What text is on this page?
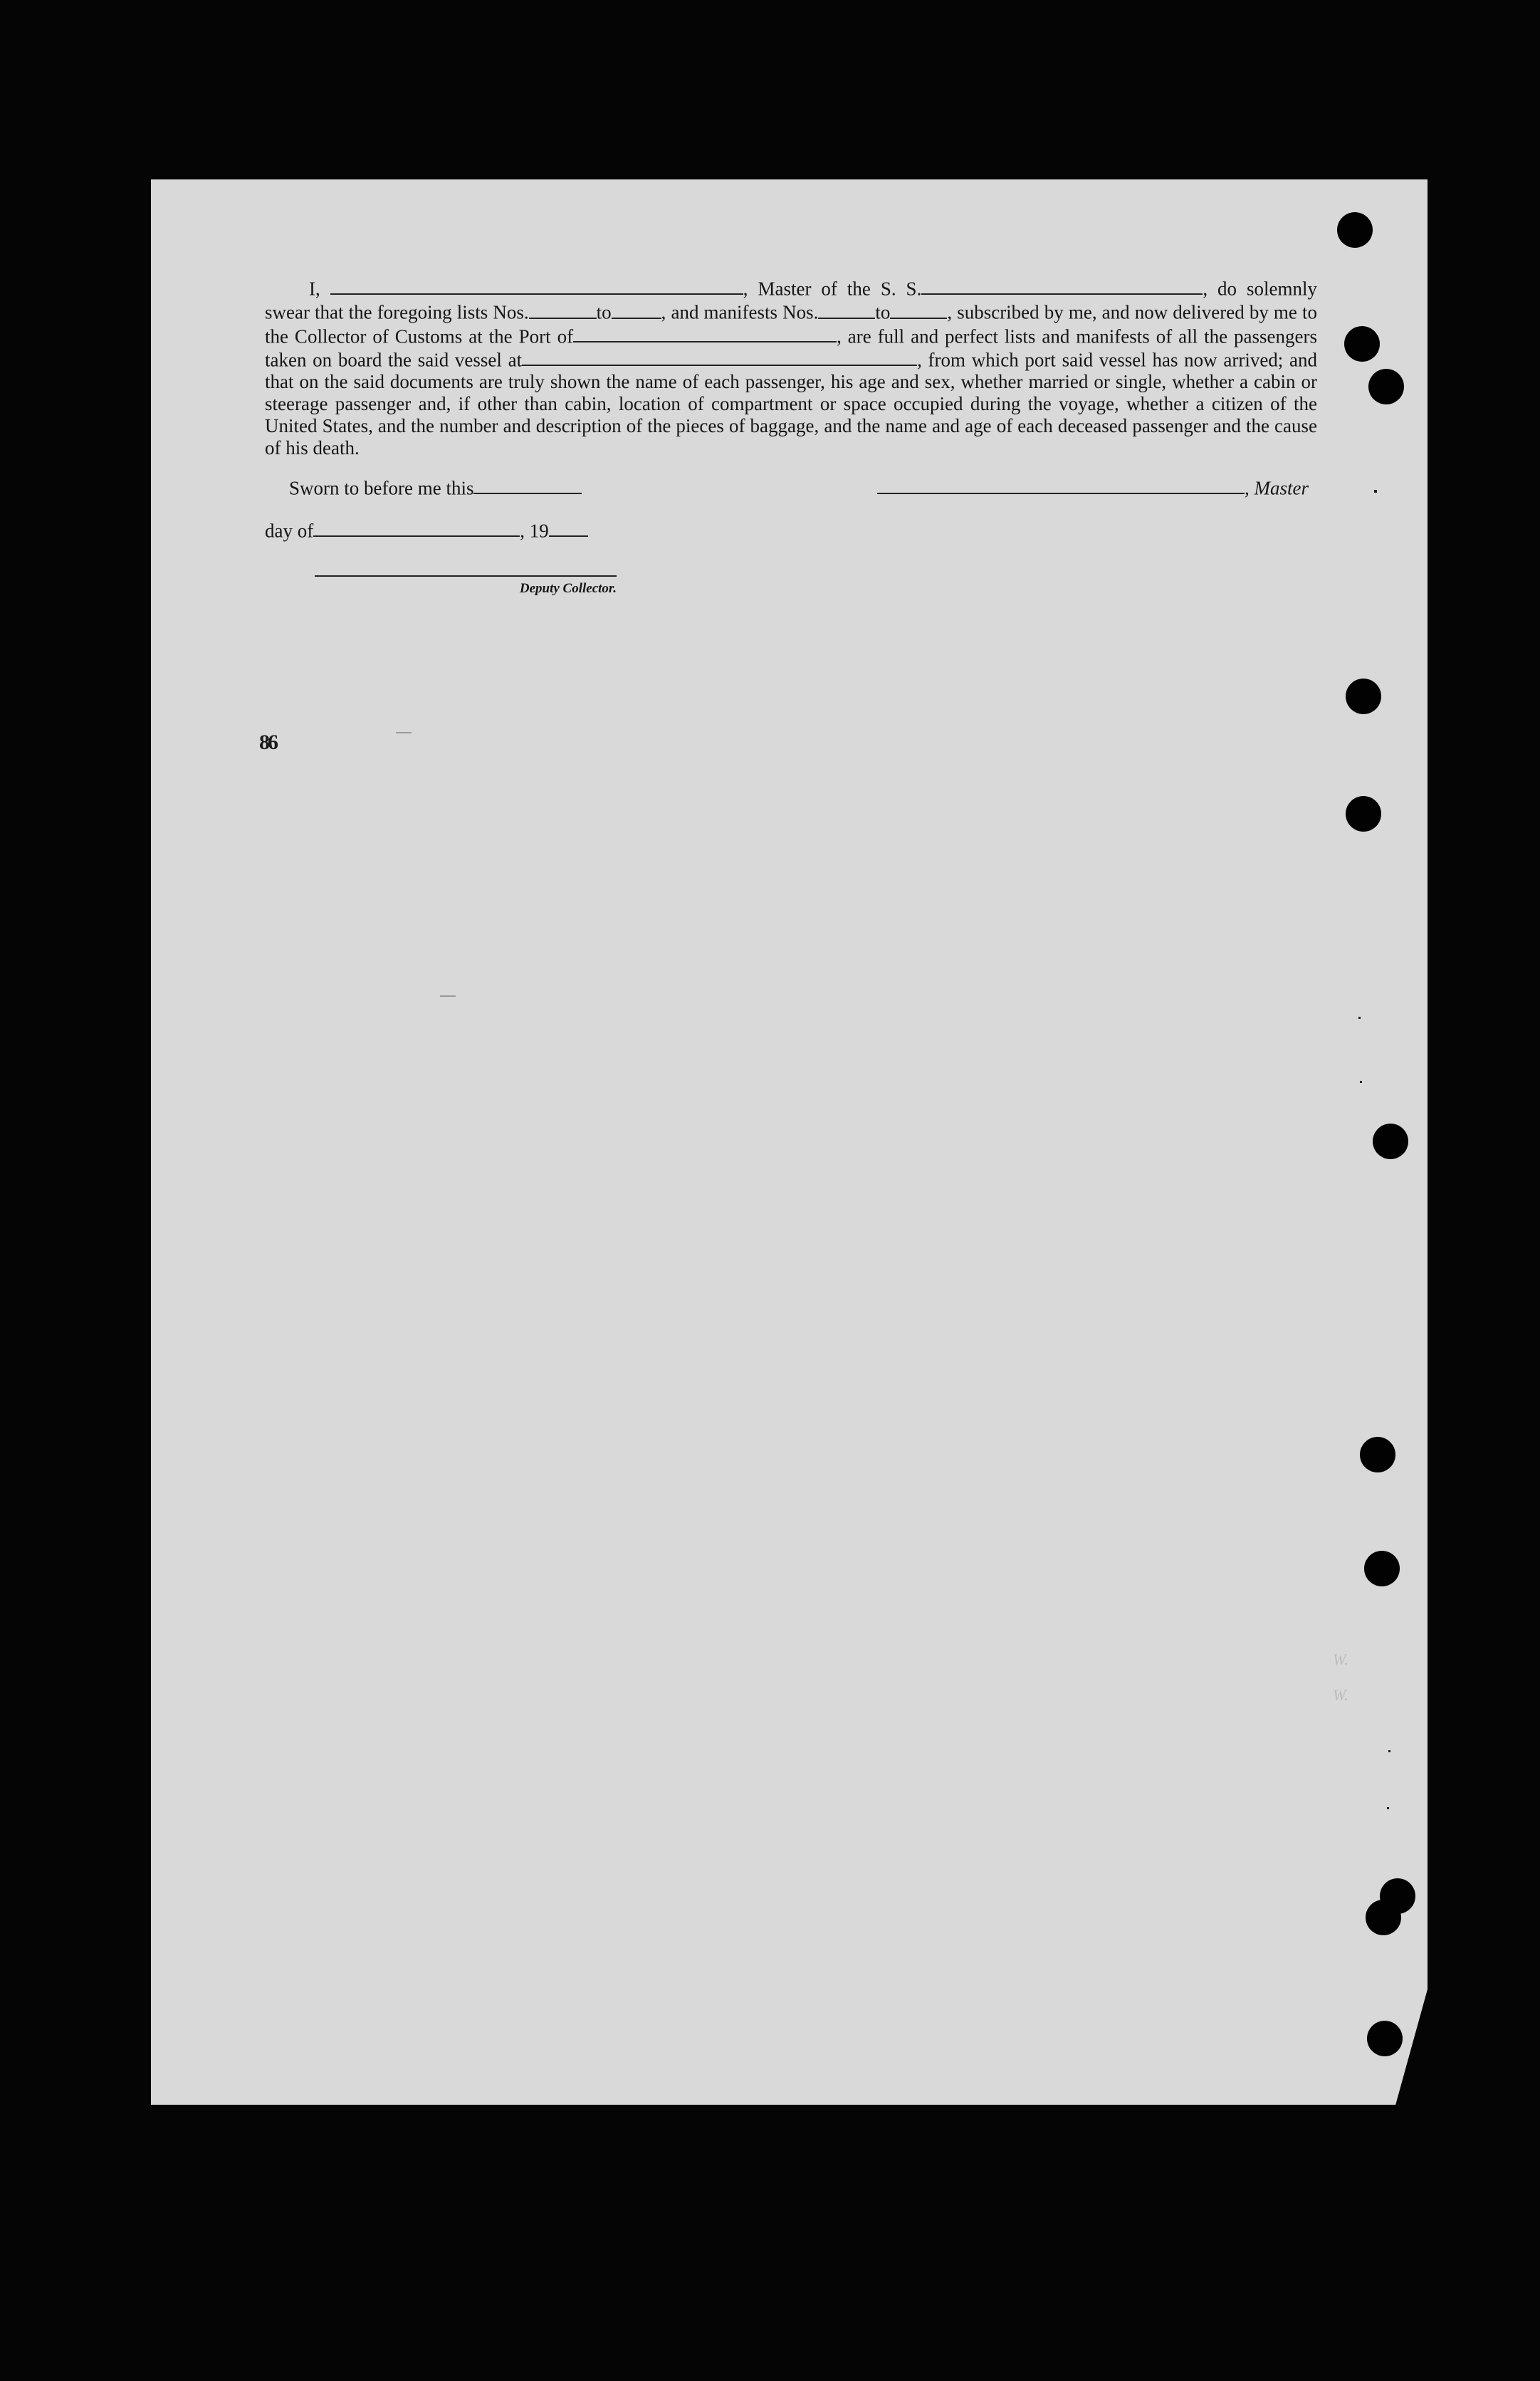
I,	, Master of the S. S.	, do solemnly swear that the foregoing lists Nos.	to	, and manifests Nos.	to	, subscribed by me, and now delivered by me to the Collector of Customs at the Port of	, are full and perfect lists and manifests of all the passengers taken on board the said vessel at	, from which port said vessel has now arrived; and that on the said documents are truly shown the name of each passenger, his age and sex, whether married or single, whether a cabin or steerage passenger and, if other than cabin, location of compartment or space occupied during the voyage, whether a citizen of the United States, and the number and description of the pieces of baggage, and the name and age of each deceased passenger and the cause of his death.

Sworn to before me this	, Master
day of	, 19
Deputy Collector.
86
W.
W.
